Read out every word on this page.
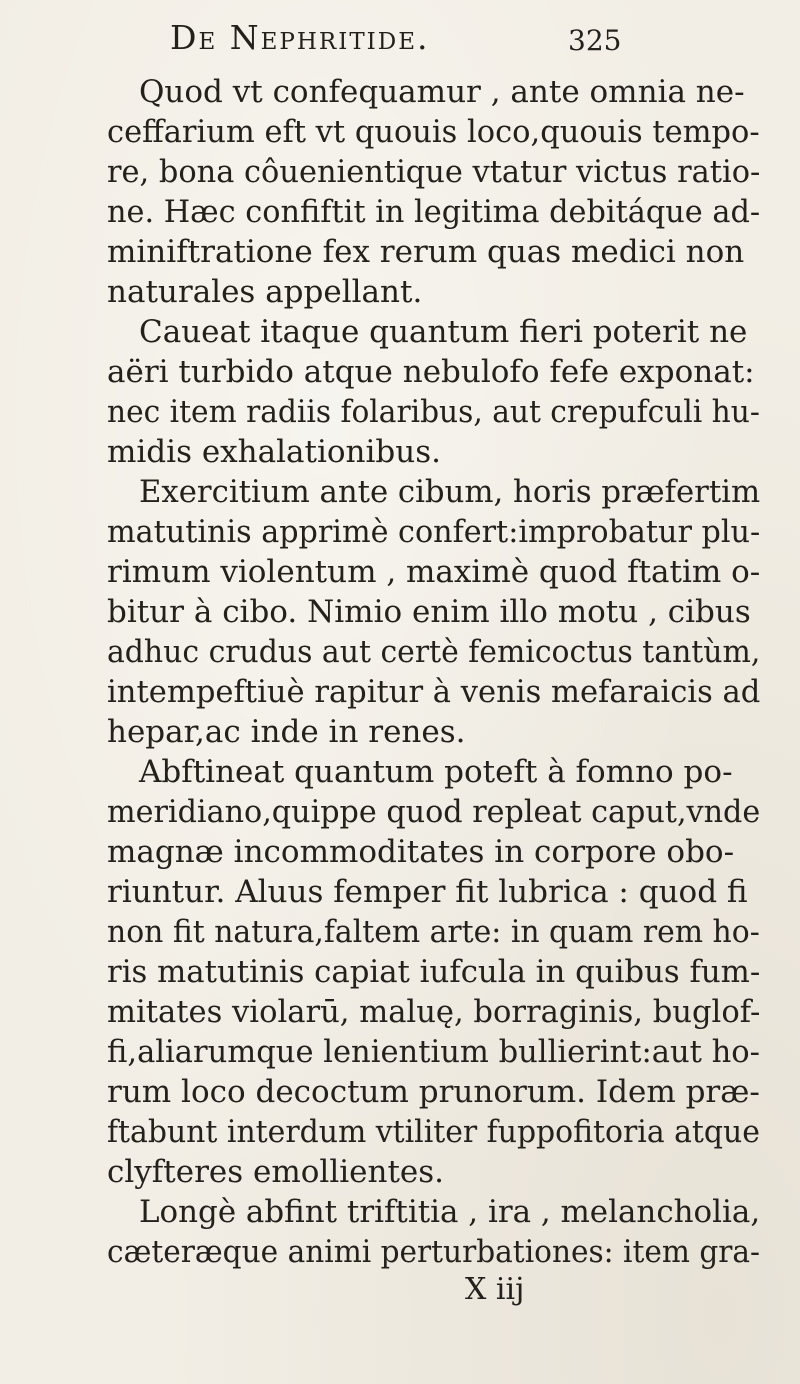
De Nephritide.	325
Quod vt confequamur , ante omnia ne-
ceffarium eft vt quouis loco,quouis tempo-
re, bona côuenientique vtatur victus ratio-
ne. Hæc confiftit in legitima debitáque ad-
miniftratione fex rerum quas medici non
naturales appellant.
Caueat itaque quantum fieri poterit ne
aëri turbido atque nebulofo fefe exponat:
nec item radiis folaribus, aut crepufculi hu-
midis exhalationibus.
Exercitium ante cibum, horis præfertim
matutinis apprimè confert:improbatur plu-
rimum violentum , maximè quod ftatim o-
bitur à cibo. Nimio enim illo motu , cibus
adhuc crudus aut certè femicoctus tantùm,
intempeftiuè rapitur à venis mefaraicis ad
hepar,ac inde in renes.
Abftineat quantum poteft à fomno po-
meridiano,quippe quod repleat caput,vnde
magnæ incommoditates in corpore obo-
riuntur. Aluus femper fit lubrica : quod fi
non fit natura,faltem arte: in quam rem ho-
ris matutinis capiat iufcula in quibus fum-
mitates violarū, maluę, borraginis, buglof-
fi,aliarumque lenientium bullierint:aut ho-
rum loco decoctum prunorum. Idem præ-
ftabunt interdum vtiliter fuppofitoria atque
clyfteres emollientes.
Longè abfint triftitia , ira , melancholia,
cæteræque animi perturbationes: item gra-
X iij
